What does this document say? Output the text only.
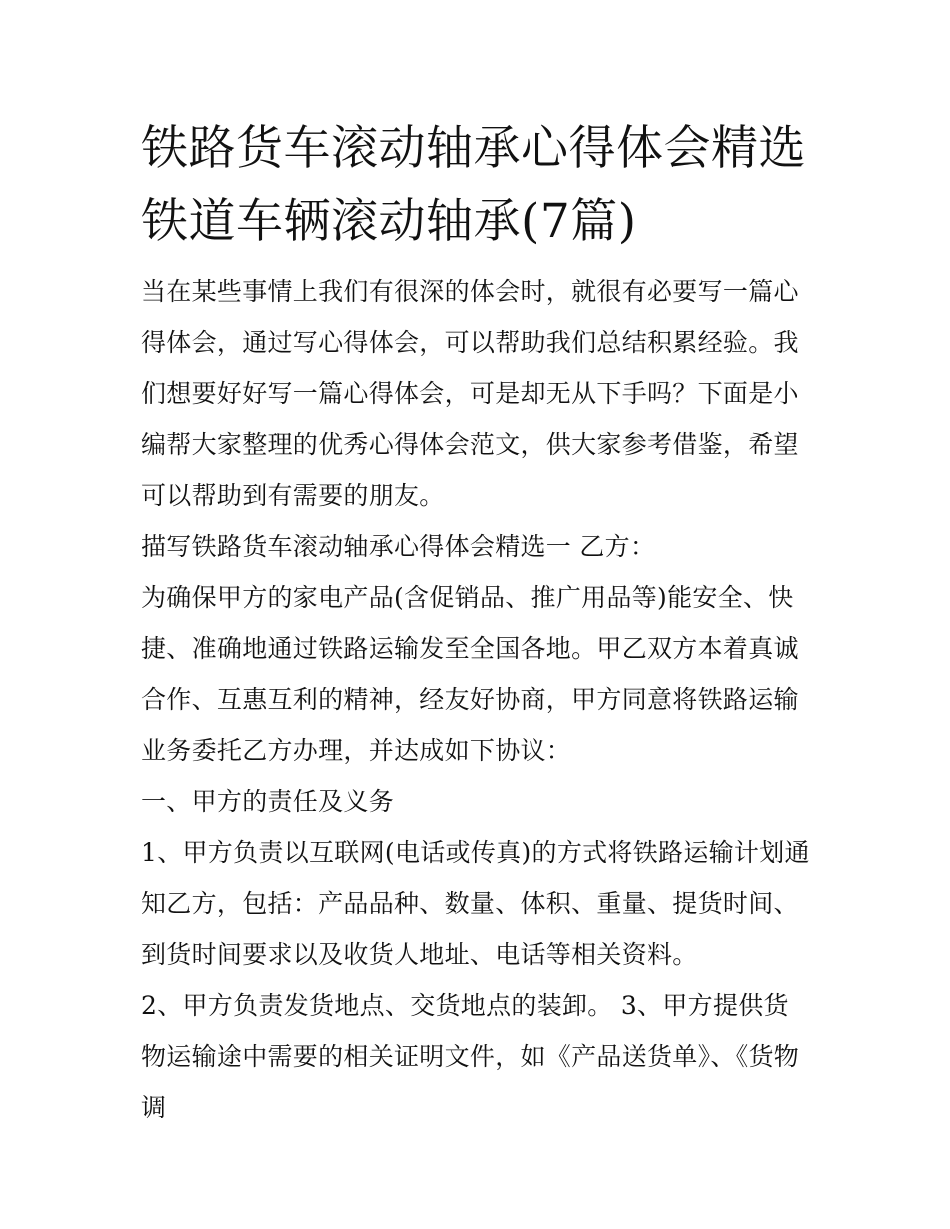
铁路货车滚动轴承心得体会精选 铁道车辆滚动轴承(7篇)

当在某些事情上我们有很深的体会时，就很有必要写一篇心得体会，通过写心得体会，可以帮助我们总结积累经验。我们想要好好写一篇心得体会，可是却无从下手吗？下面是小编帮大家整理的优秀心得体会范文，供大家参考借鉴，希望可以帮助到有需要的朋友。

描写铁路货车滚动轴承心得体会精选一 乙方：

为确保甲方的家电产品(含促销品、推广用品等)能安全、快捷、准确地通过铁路运输发至全国各地。甲乙双方本着真诚合作、互惠互利的精神，经友好协商，甲方同意将铁路运输业务委托乙方办理，并达成如下协议：

一、甲方的责任及义务

1、甲方负责以互联网(电话或传真)的方式将铁路运输计划通知乙方，包括：产品品种、数量、体积、重量、提货时间、到货时间要求以及收货人地址、电话等相关资料。

2、甲方负责发货地点、交货地点的装卸。 3、甲方提供货物运输途中需要的相关证明文件，如《产品送货单》、《货物调
